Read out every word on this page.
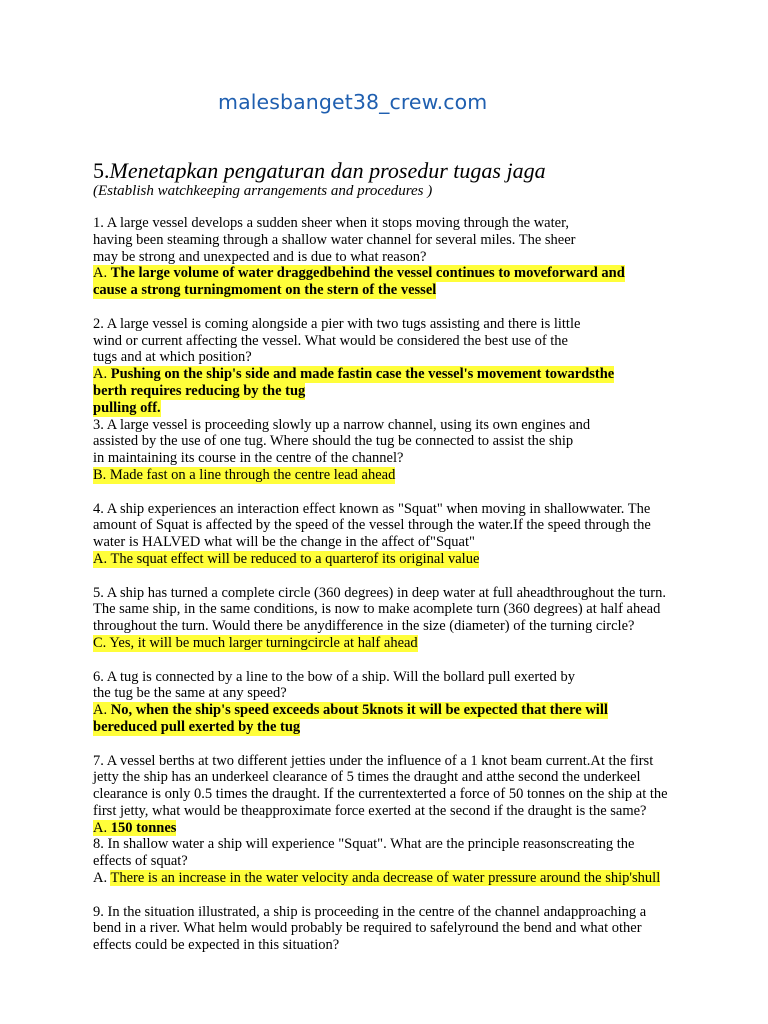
malesbanget38_crew.com
5.Menetapkan pengaturan dan prosedur tugas jaga
(Establish watchkeeping arrangements and procedures )
1. A large vessel develops a sudden sheer when it stops moving through the water,
having been steaming through a shallow water channel for several miles. The sheer
may be strong and unexpected and is due to what reason?
A. The large volume of water draggedbehind the vessel continues to moveforward and
cause a strong turningmoment on the stern of the vessel
2. A large vessel is coming alongside a pier with two tugs assisting and there is little
wind or current affecting the vessel. What would be considered the best use of the
tugs and at which position?
A. Pushing on the ship's side and made fastin case the vessel's movement towardsthe
berth requires reducing by the tug
pulling off.
3. A large vessel is proceeding slowly up a narrow channel, using its own engines and
assisted by the use of one tug. Where should the tug be connected to assist the ship
in maintaining its course in the centre of the channel?
B. Made fast on a line through the centre lead ahead
4. A ship experiences an interaction effect known as "Squat" when moving in shallowwater. The amount of Squat is affected by the speed of the vessel through the water.If the speed through the water is HALVED what will be the change in the affect of"Squat"
A. The squat effect will be reduced to a quarterof its original value
5. A ship has turned a complete circle (360 degrees) in deep water at full aheadthroughout the turn. The same ship, in the same conditions, is now to make acomplete turn (360 degrees) at half ahead throughout the turn. Would there be anydifference in the size (diameter) of the turning circle?
C. Yes, it will be much larger turningcircle at half ahead
6. A tug is connected by a line to the bow of a ship. Will the bollard pull exerted by
the tug be the same at any speed?
A. No, when the ship's speed exceeds about 5knots it will be expected that there will
bereduced pull exerted by the tug
7. A vessel berths at two different jetties under the influence of a 1 knot beam current.At the first jetty the ship has an underkeel clearance of 5 times the draught and atthe second the underkeel clearance is only 0.5 times the draught. If the currentexterted a force of 50 tonnes on the ship at the first jetty, what would be theapproximate force exerted at the second if the draught is the same?
A. 150 tonnes
8. In shallow water a ship will experience "Squat". What are the principle reasonscreating the effects of squat?
A. There is an increase in the water velocity anda decrease of water pressure around the ship'shull
9. In the situation illustrated, a ship is proceeding in the centre of the channel andapproaching a bend in a river. What helm would probably be required to safelyround the bend and what other effects could be expected in this situation?
